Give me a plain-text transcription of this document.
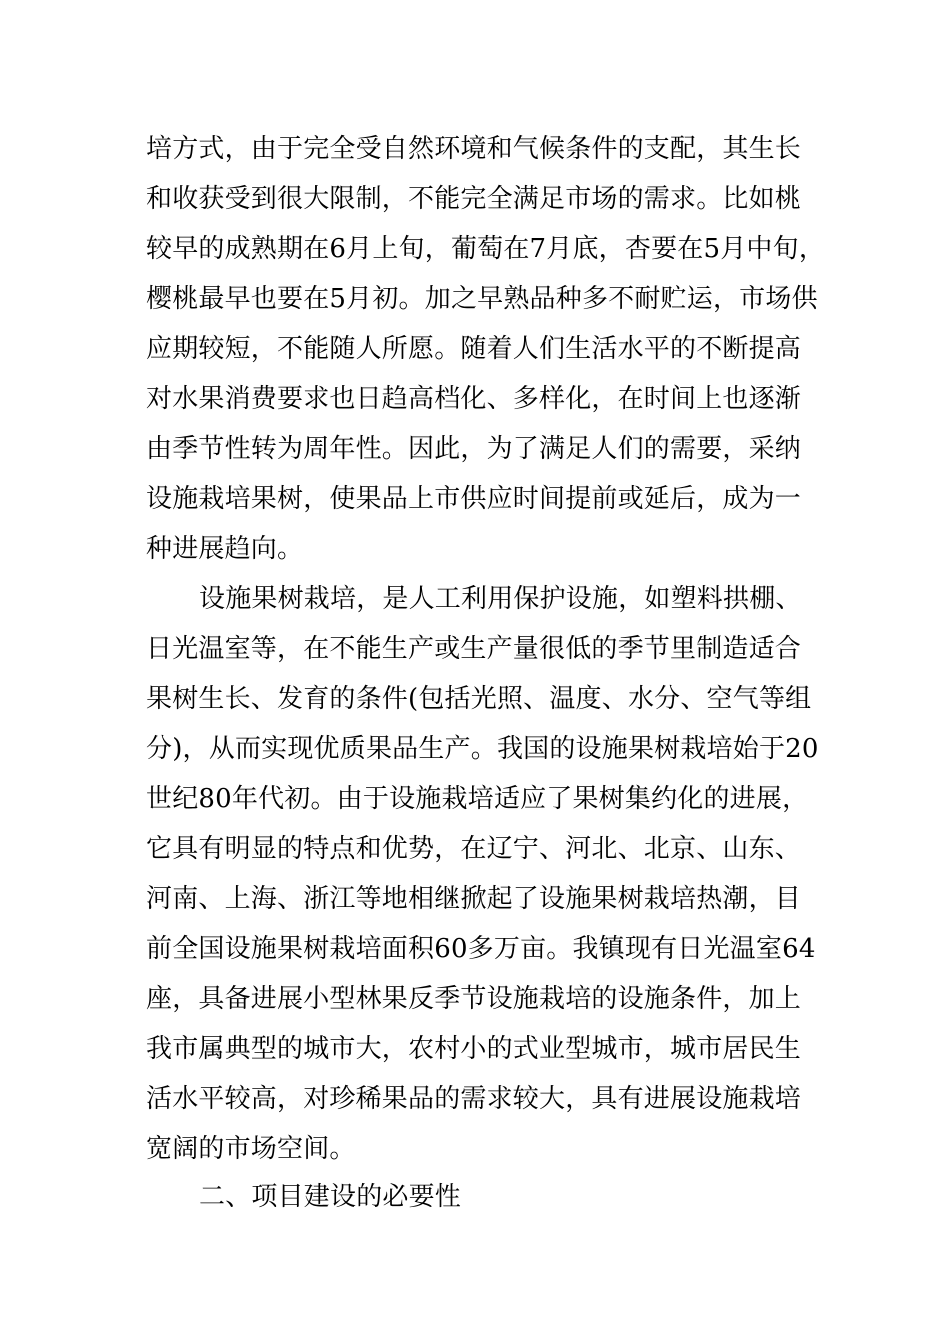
培方式，由于完全受自然环境和气候条件的支配，其生长
和收获受到很大限制，不能完全满足市场的需求。比如桃
较早的成熟期在6月上旬，葡萄在7月底，杏要在5月中旬，
樱桃最早也要在5月初。加之早熟品种多不耐贮运，市场供
应期较短，不能随人所愿。随着人们生活水平的不断提高
对水果消费要求也日趋高档化、多样化，在时间上也逐渐
由季节性转为周年性。因此，为了满足人们的需要，采纳
设施栽培果树，使果品上市供应时间提前或延后，成为一
种进展趋向。
设施果树栽培，是人工利用保护设施，如塑料拱棚、
日光温室等，在不能生产或生产量很低的季节里制造适合
果树生长、发育的条件(包括光照、温度、水分、空气等组
分)，从而实现优质果品生产。我国的设施果树栽培始于20
世纪80年代初。由于设施栽培适应了果树集约化的进展，
它具有明显的特点和优势，在辽宁、河北、北京、山东、
河南、上海、浙江等地相继掀起了设施果树栽培热潮，目
前全国设施果树栽培面积60多万亩。我镇现有日光温室64
座，具备进展小型林果反季节设施栽培的设施条件，加上
我市属典型的城市大，农村小的式业型城市，城市居民生
活水平较高，对珍稀果品的需求较大，具有进展设施栽培
宽阔的市场空间。
二、项目建设的必要性
